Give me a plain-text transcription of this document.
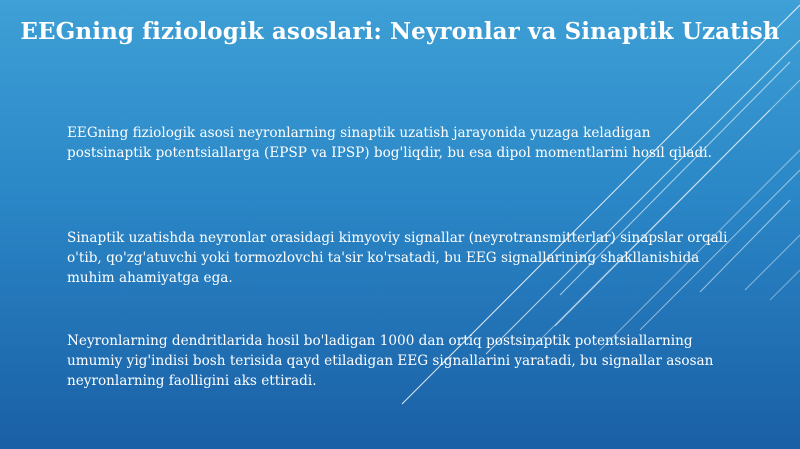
EEGning fiziologik asoslari: Neyronlar va Sinaptik Uzatish

EEGning fiziologik asosi neyronlarning sinaptik uzatish jarayonida yuzaga keladigan postsinaptik potentsiallarga (EPSP va IPSP) bog'liqdir, bu esa dipol momentlarini hosil qiladi.

Sinaptik uzatishda neyronlar orasidagi kimyoviy signallar (neyrotransmitterlar) sinapslar orqali o'tib, qo'zg'atuvchi yoki tormozlovchi ta'sir ko'rsatadi, bu EEG signallarining shakllanishida muhim ahamiyatga ega.

Neyronlarning dendritlarida hosil bo'ladigan 1000 dan ortiq postsinaptik potentsiallarning umumiy yig'indisi bosh terisida qayd etiladigan EEG signallarini yaratadi, bu signallar asosan neyronlarning faolligini aks ettiradi.
